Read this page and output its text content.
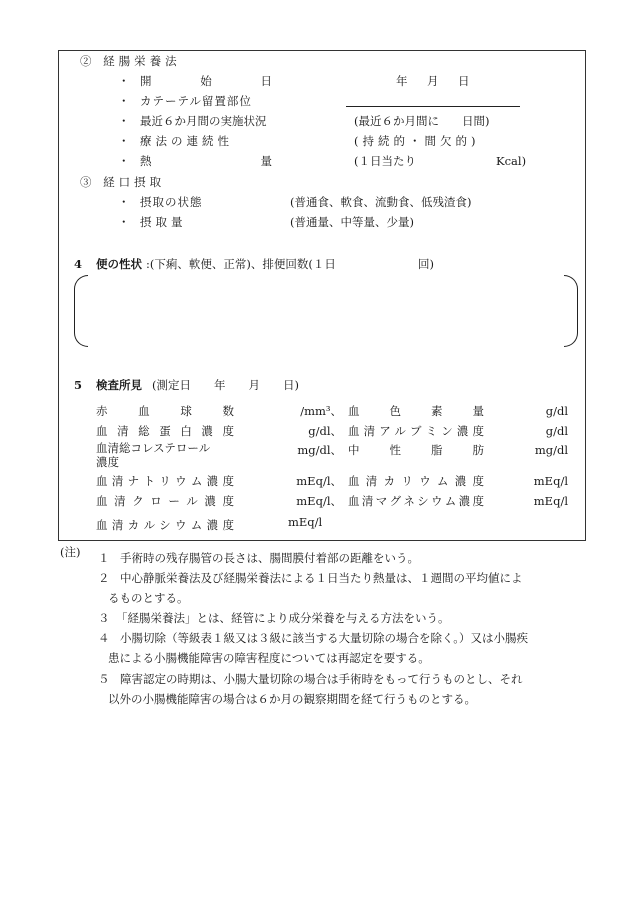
② 経腸栄養法
・ 開始日	年　月　日
・ カテーテル留置部位
・ 最近６か月間の実施状況	(最近６か月間に　　日間)
・ 療法の連続性	(持続的・間欠的)
・ 熱量	(１日当たり	Kcal)
③ 経口摂取
・ 摂取の状態	(普通食、軟食、流動食、低残渣食)
・ 摂取量	(普通量、中等量、少量)
4 便の性状 :(下痢、軟便、正常)、排便回数(１日	回)
5 検査所見 (測定日　　年　　月　　日)
赤血球数	/mm³、 血色素量	g/dl
血清総蛋白濃度	g/dl、 血清アルブミン濃度	g/dl
血清総コレステロール
濃度
mg/dl、 中性脂肪	mg/dl
血清ナトリウム濃度	mEq/l、 血清カリウム濃度	mEq/l
血清クロール濃度	mEq/l、 血清マグネシウム濃度	mEq/l
血清カルシウム濃度	mEq/l
(注) １ 手術時の残存腸管の長さは、腸間膜付着部の距離をいう。
２ 中心静脈栄養法及び経腸栄養法による１日当たり熱量は、１週間の平均値によ
るものとする。
３ 「経腸栄養法」とは、経管により成分栄養を与える方法をいう。
４ 小腸切除（等級表１級又は３級に該当する大量切除の場合を除く。）又は小腸疾
患による小腸機能障害の障害程度については再認定を要する。
５ 障害認定の時期は、小腸大量切除の場合は手術時をもって行うものとし、それ
以外の小腸機能障害の場合は６か月の観察期間を経て行うものとする。
